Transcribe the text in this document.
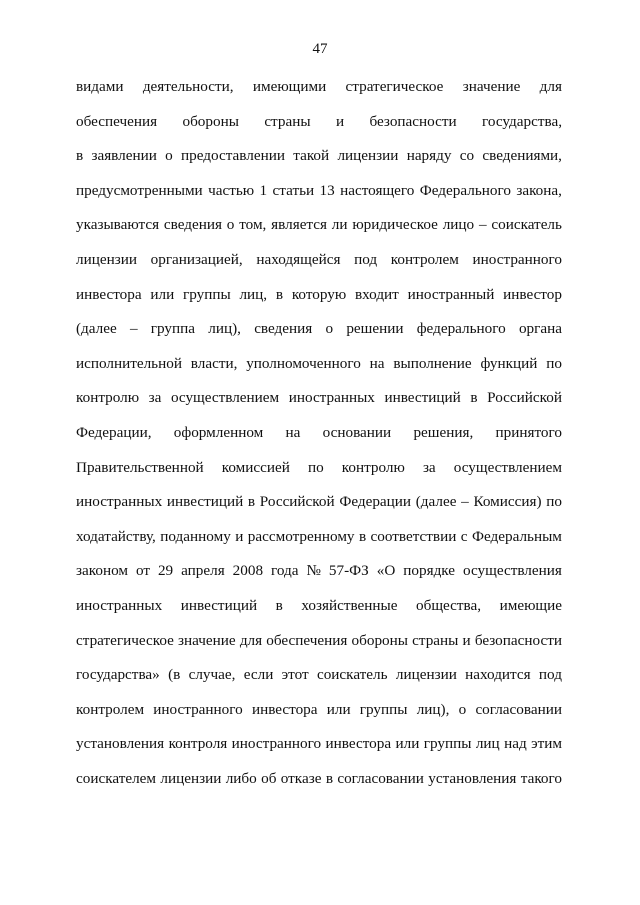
47
видами деятельности, имеющими стратегическое значение для
обеспечения обороны страны и безопасности государства,
в заявлении о предоставлении такой лицензии наряду со сведениями,
предусмотренными частью 1 статьи 13 настоящего Федерального закона,
указываются сведения о том, является ли юридическое лицо – соискатель
лицензии организацией, находящейся под контролем иностранного
инвестора или группы лиц, в которую входит иностранный инвестор
(далее – группа лиц), сведения о решении федерального органа
исполнительной власти, уполномоченного на выполнение функций по
контролю за осуществлением иностранных инвестиций в Российской
Федерации, оформленном на основании решения, принятого
Правительственной комиссией по контролю за осуществлением
иностранных инвестиций в Российской Федерации (далее – Комиссия) по
ходатайству, поданному и рассмотренному в соответствии с Федеральным
законом от 29 апреля 2008 года № 57-ФЗ «О порядке осуществления
иностранных инвестиций в хозяйственные общества, имеющие
стратегическое значение для обеспечения обороны страны и безопасности
государства» (в случае, если этот соискатель лицензии находится под
контролем иностранного инвестора или группы лиц), о согласовании
установления контроля иностранного инвестора или группы лиц над этим
соискателем лицензии либо об отказе в согласовании установления такого
